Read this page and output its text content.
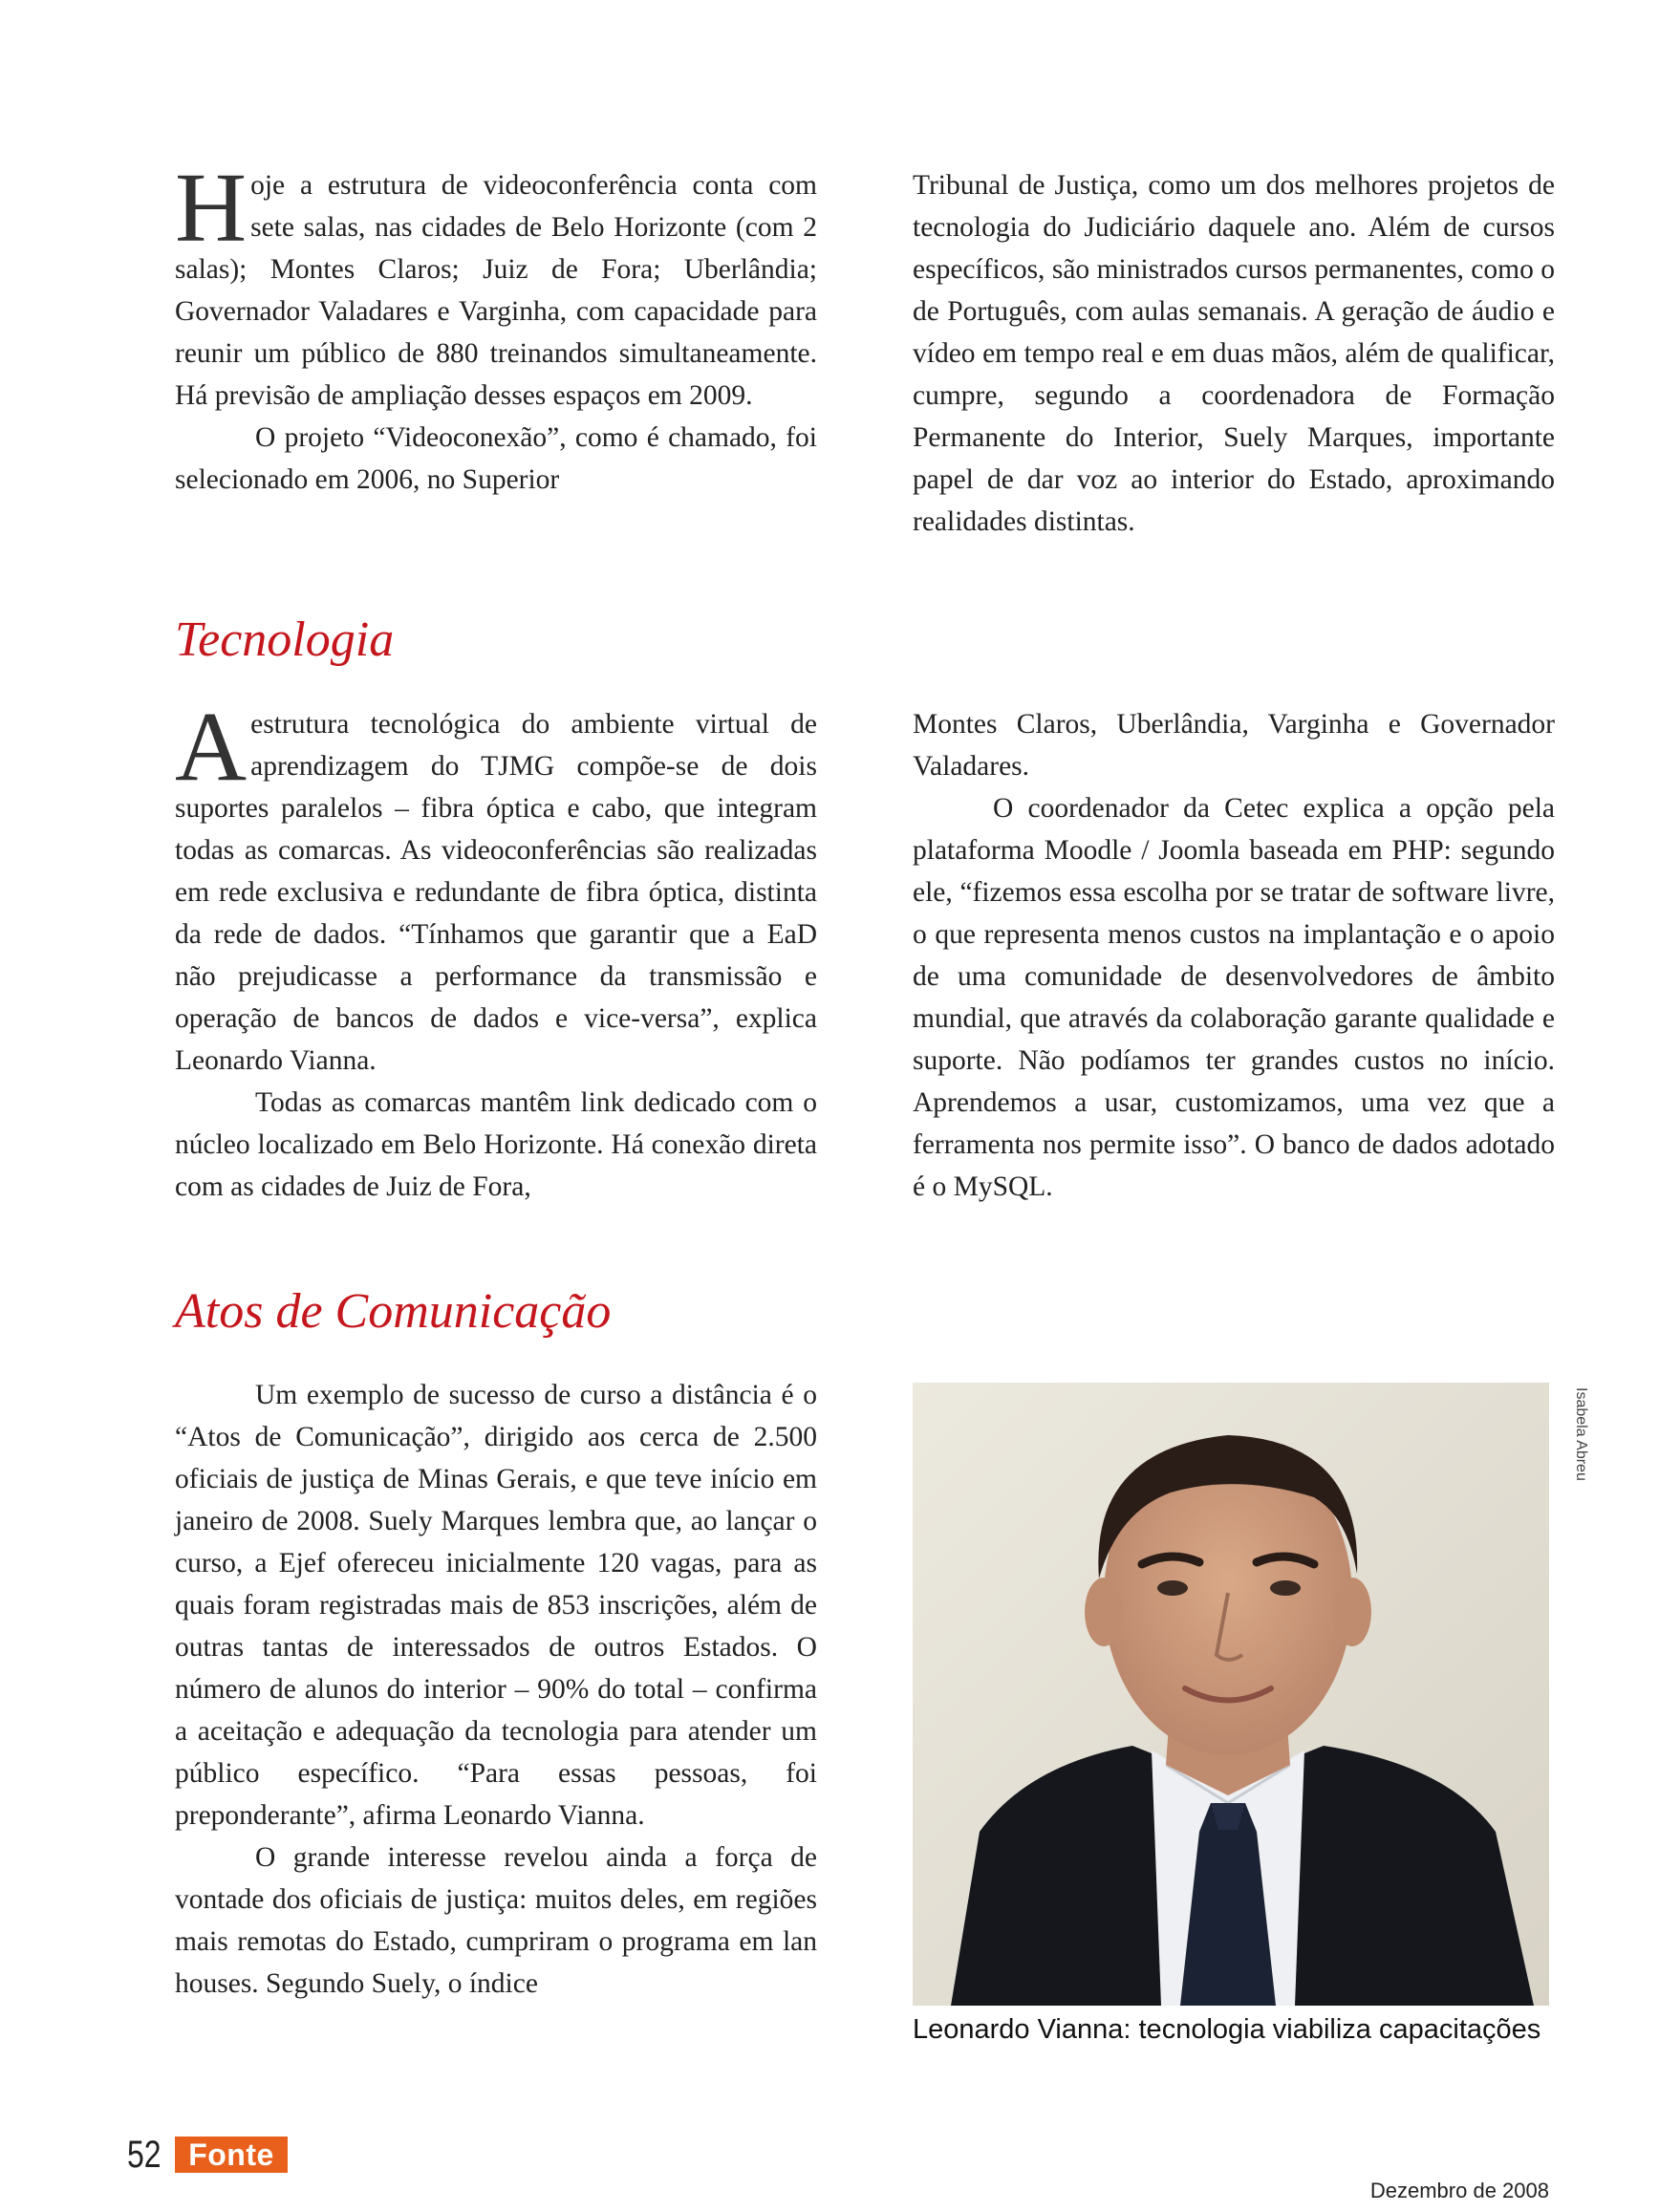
Hoje a estrutura de videoconferência conta com sete salas, nas cidades de Belo Horizonte (com 2 salas); Montes Claros; Juiz de Fora; Uberlândia; Governador Valadares e Varginha, com capacidade para reunir um público de 880 treinandos simultaneamente. Há previsão de ampliação desses espaços em 2009.

O projeto “Videoconexão”, como é chamado, foi selecionado em 2006, no Superior

Tribunal de Justiça, como um dos melhores projetos de tecnologia do Judiciário daquele ano. Além de cursos específicos, são ministrados cursos permanentes, como o de Português, com aulas semanais. A geração de áudio e vídeo em tempo real e em duas mãos, além de qualificar, cumpre, segundo a coordenadora de Formação Permanente do Interior, Suely Marques, importante papel de dar voz ao interior do Estado, aproximando realidades distintas.

Tecnologia

Aestrutura tecnológica do ambiente virtual de aprendizagem do TJMG compõe-se de dois suportes paralelos – fibra óptica e cabo, que integram todas as comarcas. As videoconferências são realizadas em rede exclusiva e redundante de fibra óptica, distinta da rede de dados. “Tínhamos que garantir que a EaD não prejudicasse a performance da transmissão e operação de bancos de dados e vice-versa”, explica Leonardo Vianna.

Todas as comarcas mantêm link dedicado com o núcleo localizado em Belo Horizonte. Há conexão direta com as cidades de Juiz de Fora,

Montes Claros, Uberlândia, Varginha e Governador Valadares.

O coordenador da Cetec explica a opção pela plataforma Moodle / Joomla baseada em PHP: segundo ele, “fizemos essa escolha por se tratar de software livre, o que representa menos custos na implantação e o apoio de uma comunidade de desenvolvedores de âmbito mundial, que através da colaboração garante qualidade e suporte. Não podíamos ter grandes custos no início. Aprendemos a usar, customizamos, uma vez que a ferramenta nos permite isso”. O banco de dados adotado é o MySQL.

Atos de Comunicação

Um exemplo de sucesso de curso a distância é o “Atos de Comunicação”, dirigido aos cerca de 2.500 oficiais de justiça de Minas Gerais, e que teve início em janeiro de 2008. Suely Marques lembra que, ao lançar o curso, a Ejef ofereceu inicialmente 120 vagas, para as quais foram registradas mais de 853 inscrições, além de outras tantas de interessados de outros Estados. O número de alunos do interior – 90% do total – confirma a aceitação e adequação da tecnologia para atender um público específico. “Para essas pessoas, foi preponderante”, afirma Leonardo Vianna.

O grande interesse revelou ainda a força de vontade dos oficiais de justiça: muitos deles, em regiões mais remotas do Estado, cumpriram o programa em lan houses. Segundo Suely, o índice

Isabela Abreu
Leonardo Vianna: tecnologia viabiliza capacitações
52 Fonte
Dezembro de 2008
